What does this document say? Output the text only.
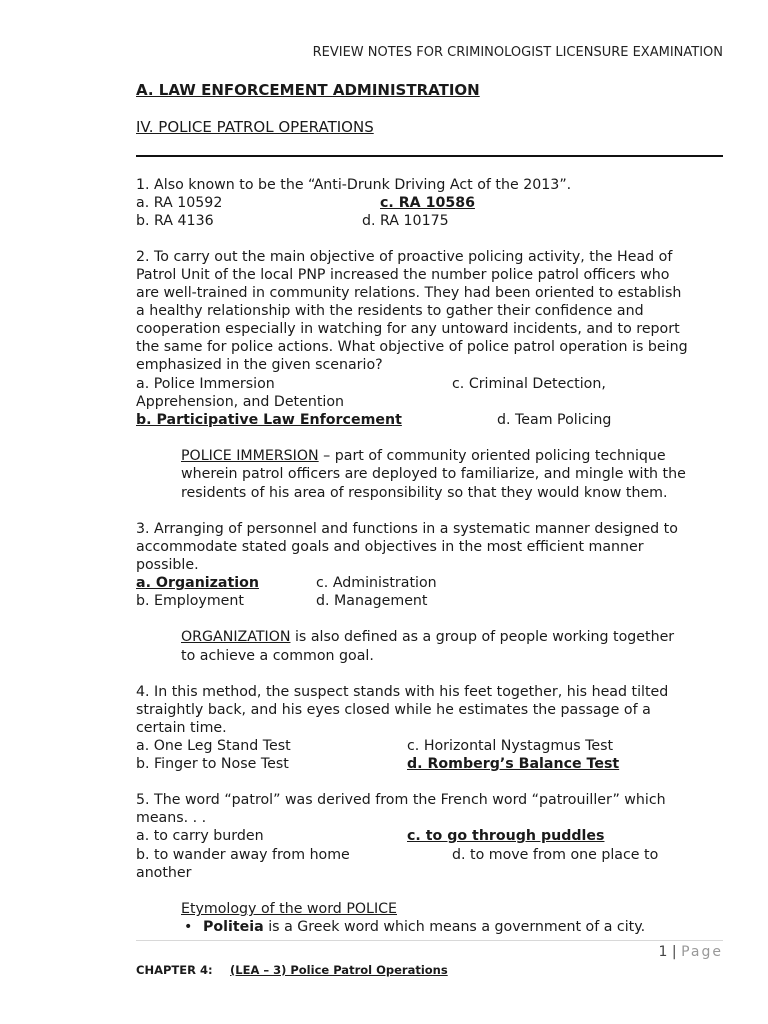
REVIEW NOTES FOR CRIMINOLOGIST LICENSURE EXAMINATION
A. LAW ENFORCEMENT ADMINISTRATION
IV. POLICE PATROL OPERATIONS
1. Also known to be the “Anti-Drunk Driving Act of the 2013”.
a. RA 10592	c. RA 10586
b. RA 4136	d. RA 10175
2. To carry out the main objective of proactive policing activity, the Head of
Patrol Unit of the local PNP increased the number police patrol officers who
are well-trained in community relations. They had been oriented to establish
a healthy relationship with the residents to gather their confidence and
cooperation especially in watching for any untoward incidents, and to report
the same for police actions. What objective of police patrol operation is being
emphasized in the given scenario?
a. Police Immersion	c. Criminal Detection,
Apprehension, and Detention
b. Participative Law Enforcement	d. Team Policing
POLICE IMMERSION – part of community oriented policing technique
wherein patrol officers are deployed to familiarize, and mingle with the
residents of his area of responsibility so that they would know them.
3. Arranging of personnel and functions in a systematic manner designed to
accommodate stated goals and objectives in the most efficient manner
possible.
a. Organization	c. Administration
b. Employment	d. Management
ORGANIZATION is also defined as a group of people working together
to achieve a common goal.
4. In this method, the suspect stands with his feet together, his head tilted
straightly back, and his eyes closed while he estimates the passage of a
certain time.
a. One Leg Stand Test	c. Horizontal Nystagmus Test
b. Finger to Nose Test	d. Romberg’s Balance Test
5. The word “patrol” was derived from the French word “patrouiller” which
means. . .
a. to carry burden	c. to go through puddles
b. to wander away from home	d. to move from one place to
another
Etymology of the word POLICE
• Politeia is a Greek word which means a government of a city.
1 | Page
CHAPTER 4: (LEA – 3) Police Patrol Operations
